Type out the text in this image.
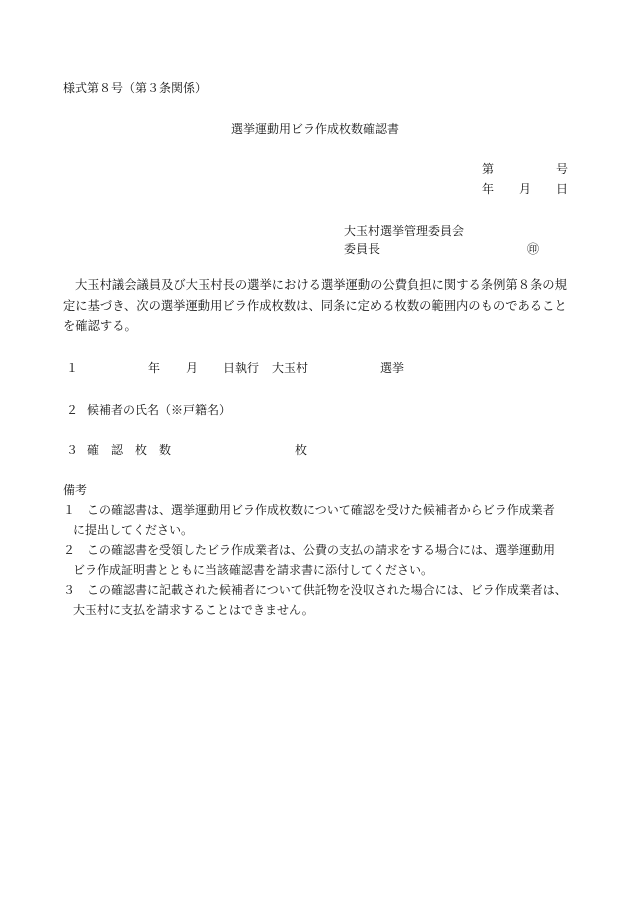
様式第８号（第３条関係）
選挙運動用ビラ作成枚数確認書
第	号
年 月 日
大玉村選挙管理委員会
委員長	㊞
大玉村議会議員及び大玉村長の選挙における選挙運動の公費負担に関する条例第８条の規
定に基づき、次の選挙運動用ビラ作成枚数は、同条に定める枚数の範囲内のものであること
を確認する。
１	年 月 日執行 大玉村	選挙
２ 候補者の氏名（※戸籍名）
３ 確　認　枚　数	枚
備考
１　 この確認書は、選挙運動用ビラ作成枚数について確認を受けた候補者からビラ作成業者
に提出してください。
２　 この確認書を受領したビラ作成業者は、公費の支払の請求をする場合には、選挙運動用
ビラ作成証明書とともに当該確認書を請求書に添付してください。
３　 この確認書に記載された候補者について供託物を没収された場合には、ビラ作成業者は、
大玉村に支払を請求することはできません。
